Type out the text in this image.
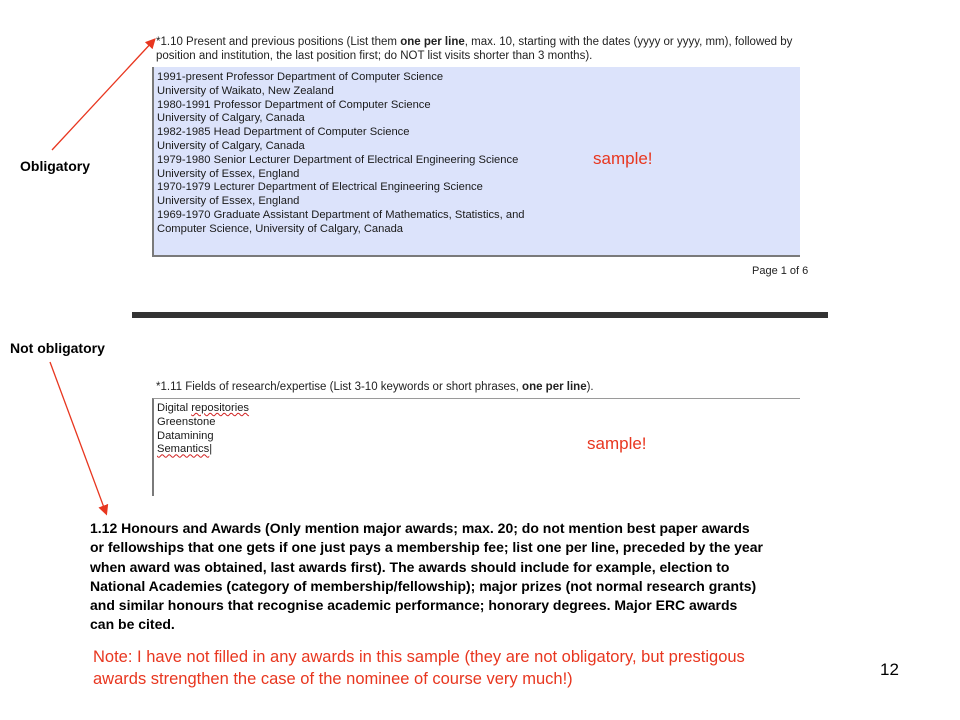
Obligatory
Not obligatory
*1.10 Present and previous positions (List them one per line, max. 10, starting with the dates (yyyy or yyyy, mm), followed by
position and institution, the last position first; do NOT list visits shorter than 3 months).
1991-present Professor Department of Computer Science
University of Waikato, New Zealand
1980-1991 Professor Department of Computer Science
University of Calgary, Canada
1982-1985 Head Department of Computer Science
University of Calgary, Canada
1979-1980 Senior Lecturer Department of Electrical Engineering Science
University of Essex, England
1970-1979 Lecturer Department of Electrical Engineering Science
University of Essex, England
1969-1970 Graduate Assistant Department of Mathematics, Statistics, and
Computer Science, University of Calgary, Canada
sample!
Page 1 of 6
*1.11 Fields of research/expertise (List 3-10 keywords or short phrases, one per line).
Digital repositories
Greenstone
Datamining
Semantics|	sample!
1.12 Honours and Awards (Only mention major awards; max. 20; do not mention best paper awards
or fellowships that one gets if one just pays a membership fee; list one per line, preceded by the year
when award was obtained, last awards first). The awards should include for example, election to
National Academies (category of membership/fellowship); major prizes (not normal research grants)
and similar honours that recognise academic performance; honorary degrees. Major ERC awards
can be cited.
Note: I have not filled in any awards in this sample (they are not obligatory, but prestigous
awards strengthen the case of the nominee of course very much!)	12
